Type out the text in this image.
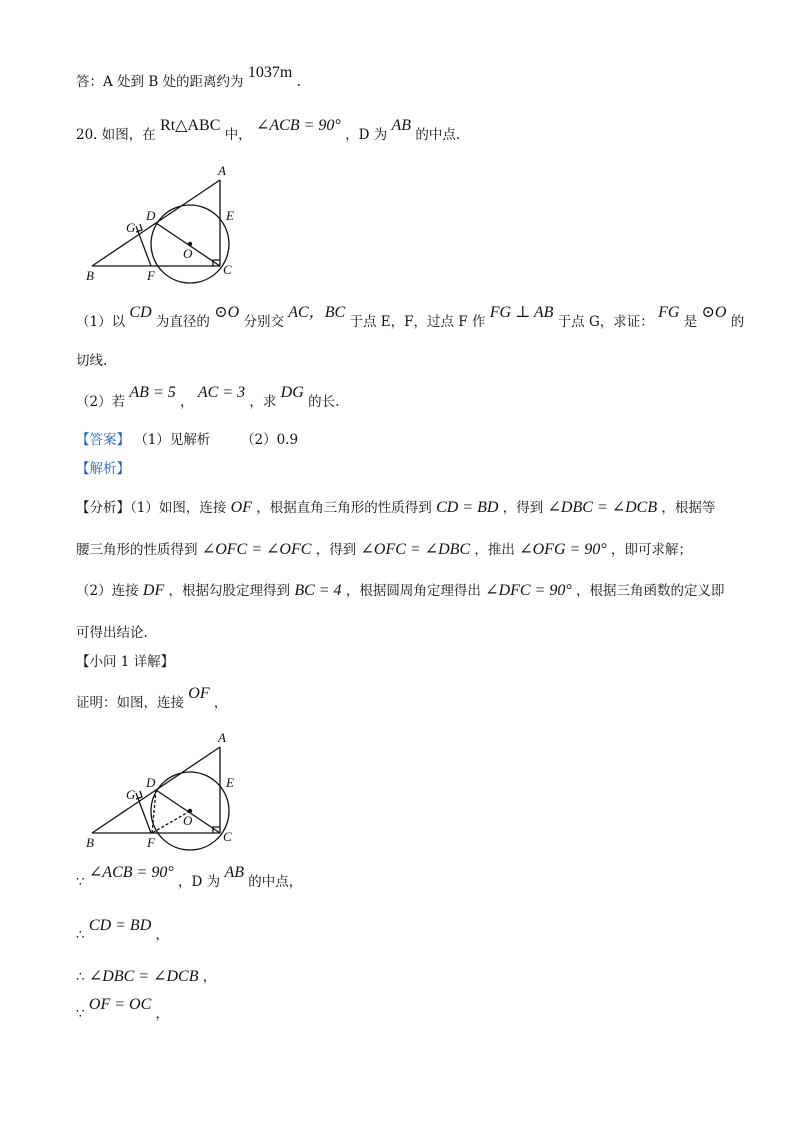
答：A 处到 B 处的距离约为 1037m .
20. 如图，在 Rt△ABC 中， ∠ACB = 90° ，D 为 AB 的中点.
A
E
D
G
O
B	F	C
（1）以 CD 为直径的 ⊙O 分别交 AC，BC 于点 E，F，过点 F 作 FG ⊥ AB 于点 G，求证： FG 是 ⊙O 的
切线.
（2）若 AB = 5 ， AC = 3 ，求 DG 的长.
【答案】 （1）见解析 （2）0.9
【解析】
【分析】（1）如图，连接 OF ，根据直角三角形的性质得到 CD = BD ，得到 ∠DBC = ∠DCB ，根据等
腰三角形的性质得到 ∠OFC = ∠OFC ，得到 ∠OFC = ∠DBC ，推出 ∠OFG = 90° ，即可求解；
（2）连接 DF ，根据勾股定理得到 BC = 4 ，根据圆周角定理得出 ∠DFC = 90° ，根据三角函数的定义即
可得出结论.
【小问 1 详解】
证明：如图，连接 OF ，
A
E
D
G
O
B	F	C
∵ ∠ACB = 90° ，D 为 AB 的中点，
∴ CD = BD ，
∴ ∠DBC = ∠DCB ，
∵ OF = OC ，
